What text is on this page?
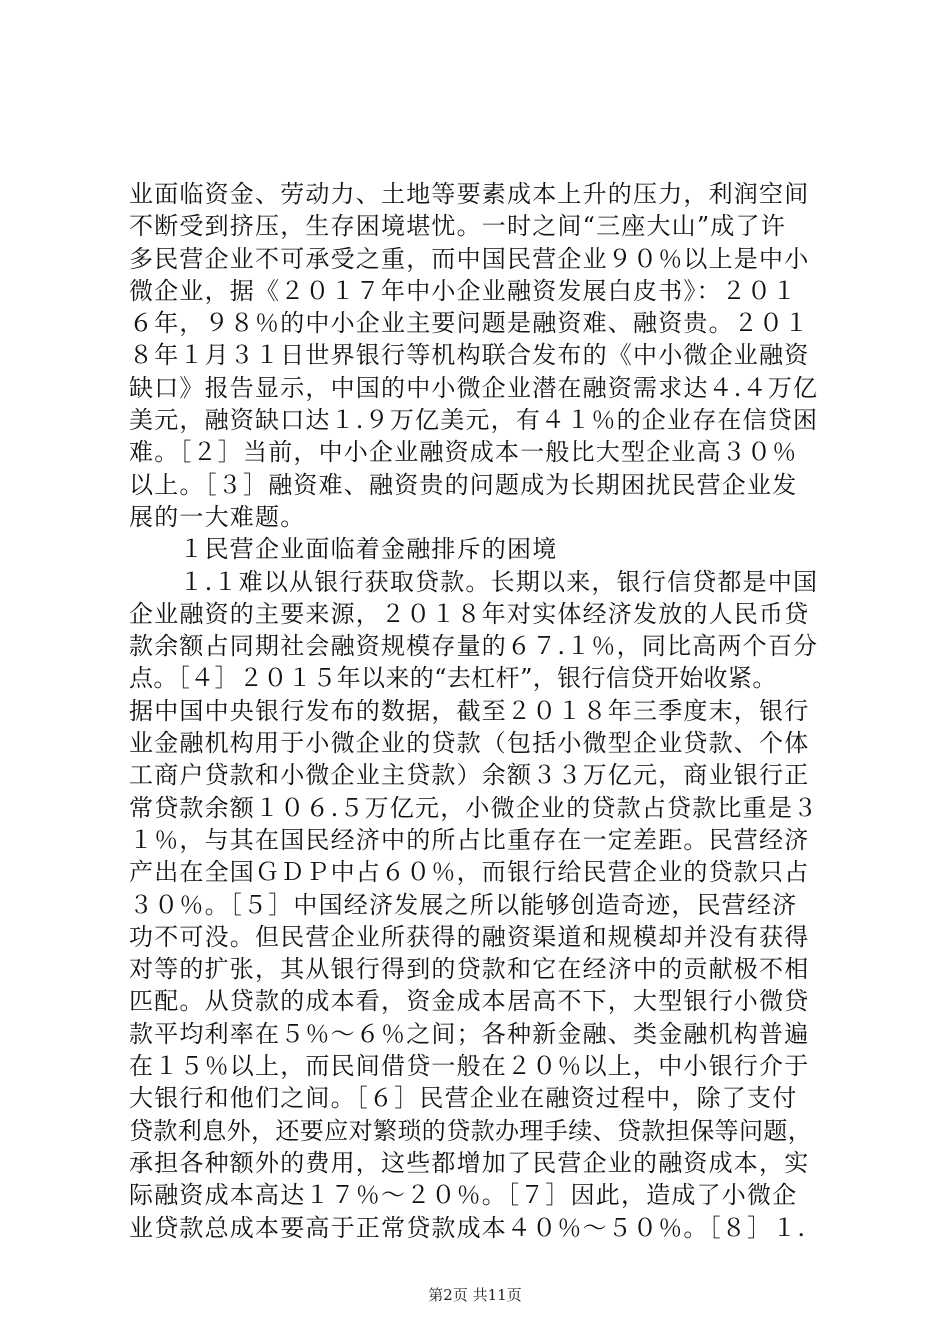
业面临资金、劳动力、土地等要素成本上升的压力，利润空间
不断受到挤压，生存困境堪忧。一时之间“三座大山”成了许
多民营企业不可承受之重，而中国民营企业９０％以上是中小
微企业，据《２０１７年中小企业融资发展白皮书》：２０１
６年，９８％的中小企业主要问题是融资难、融资贵。２０１
８年１月３１日世界银行等机构联合发布的《中小微企业融资
缺口》报告显示，中国的中小微企业潜在融资需求达４.４万亿
美元，融资缺口达１.９万亿美元，有４１％的企业存在信贷困
难。［２］当前，中小企业融资成本一般比大型企业高３０％
以上。［３］融资难、融资贵的问题成为长期困扰民营企业发
展的一大难题。
　　１民营企业面临着金融排斥的困境
　　１.１难以从银行获取贷款。长期以来，银行信贷都是中国
企业融资的主要来源，２０１８年对实体经济发放的人民币贷
款余额占同期社会融资规模存量的６７.１％，同比高两个百分
点。［４］２０１５年以来的“去杠杆”，银行信贷开始收紧。
据中国中央银行发布的数据，截至２０１８年三季度末，银行
业金融机构用于小微企业的贷款（包括小微型企业贷款、个体
工商户贷款和小微企业主贷款）余额３３万亿元，商业银行正
常贷款余额１０６.５万亿元，小微企业的贷款占贷款比重是３
１％，与其在国民经济中的所占比重存在一定差距。民营经济
产出在全国ＧＤＰ中占６０％，而银行给民营企业的贷款只占
３０％。［５］中国经济发展之所以能够创造奇迹，民营经济
功不可没。但民营企业所获得的融资渠道和规模却并没有获得
对等的扩张，其从银行得到的贷款和它在经济中的贡献极不相
匹配。从贷款的成本看，资金成本居高不下，大型银行小微贷
款平均利率在５％～６％之间；各种新金融、类金融机构普遍
在１５％以上，而民间借贷一般在２０％以上，中小银行介于
大银行和他们之间。［６］民营企业在融资过程中，除了支付
贷款利息外，还要应对繁琐的贷款办理手续、贷款担保等问题，
承担各种额外的费用，这些都增加了民营企业的融资成本，实
际融资成本高达１７％～２０％。［７］因此，造成了小微企
业贷款总成本要高于正常贷款成本４０％～５０％。［８］１.
第2页 共11页
